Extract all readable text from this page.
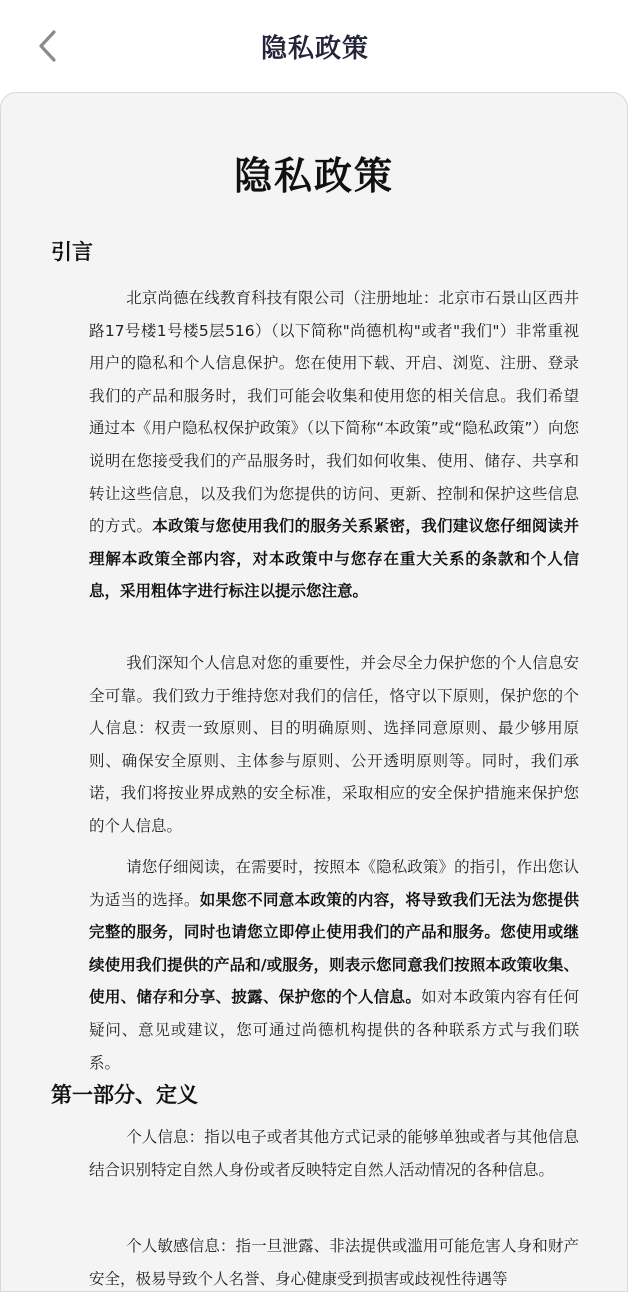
隐私政策
隐私政策
引言

北京尚德在线教育科技有限公司（注册地址：北京市石景山区西井路17号楼1号楼5层516）（以下简称"尚德机构"或者"我们"）非常重视用户的隐私和个人信息保护。您在使用下载、开启、浏览、注册、登录我们的产品和服务时，我们可能会收集和使用您的相关信息。我们希望通过本《用户隐私权保护政策》（以下简称“本政策”或“隐私政策”）向您说明在您接受我们的产品服务时，我们如何收集、使用、储存、共享和转让这些信息，以及我们为您提供的访问、更新、控制和保护这些信息的方式。本政策与您使用我们的服务关系紧密，我们建议您仔细阅读并理解本政策全部内容，对本政策中与您存在重大关系的条款和个人信息，采用粗体字进行标注以提示您注意。

我们深知个人信息对您的重要性，并会尽全力保护您的个人信息安全可靠。我们致力于维持您对我们的信任，恪守以下原则，保护您的个人信息：权责一致原则、目的明确原则、选择同意原则、最少够用原则、确保安全原则、主体参与原则、公开透明原则等。同时，我们承诺，我们将按业界成熟的安全标准，采取相应的安全保护措施来保护您的个人信息。

请您仔细阅读，在需要时，按照本《隐私政策》的指引，作出您认为适当的选择。如果您不同意本政策的内容，将导致我们无法为您提供完整的服务，同时也请您立即停止使用我们的产品和服务。您使用或继续使用我们提供的产品和/或服务，则表示您同意我们按照本政策收集、使用、储存和分享、披露、保护您的个人信息。如对本政策内容有任何疑问、意见或建议，您可通过尚德机构提供的各种联系方式与我们联系。

第一部分、定义

个人信息：指以电子或者其他方式记录的能够单独或者与其他信息结合识别特定自然人身份或者反映特定自然人活动情况的各种信息。

个人敏感信息：指一旦泄露、非法提供或滥用可能危害人身和财产安全，极易导致个人名誉、身心健康受到损害或歧视性待遇等
